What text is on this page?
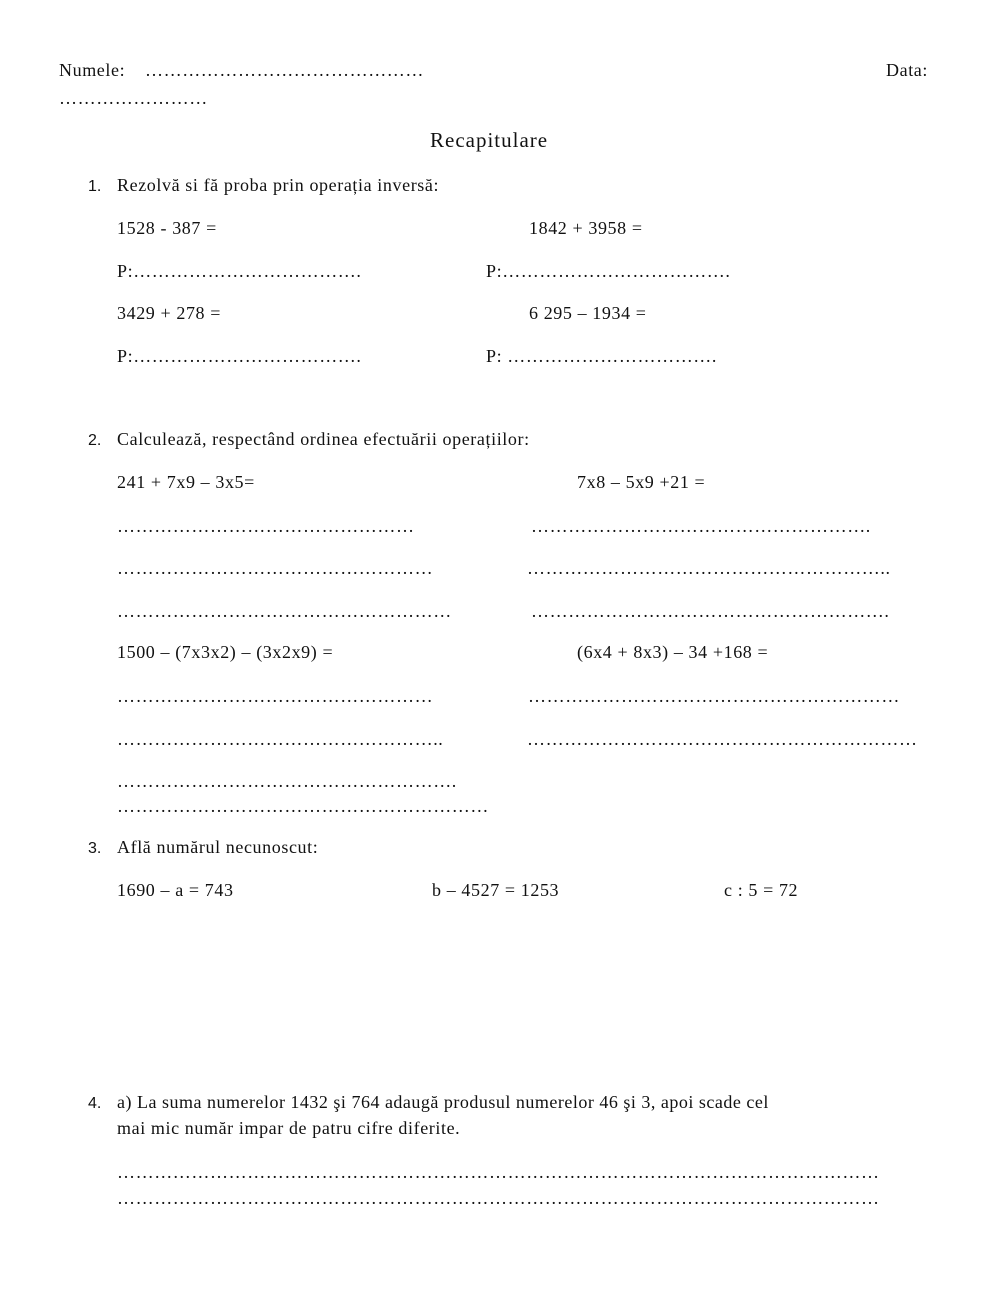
Numele: ………………………………………	Data:
……………………
Recapitulare
1. Rezolvă si fă proba prin operația inversă:
1528 - 387 =	1842 + 3958 =
P:……………………………….	P:……………………………….
3429 + 278 =	6 295 – 1934 =
P:……………………………….	P: …………………………….
2. Calculează, respectând ordinea efectuării operațiilor:
241 + 7x9 – 3x5=	7x8 – 5x9 +21 =
…………………………………………	……………………………………………….
……………………………………………	…………………………………………………..
………………………………………………	………………………………………………….
1500 – (7x3x2) – (3x2x9) =	(6x4 + 8x3) – 34 +168 =
……………………………………………	……………………………………………………
……………………………………………..	………………………………………………………
……………………………………………….
……………………………………………………
3. Află numărul necunoscut:
1690 – a = 743	b – 4527 = 1253	c : 5 = 72
4. a) La suma numerelor 1432 şi 764 adaugă produsul numerelor 46 şi 3, apoi scade cel
mai mic număr impar de patru cifre diferite.
……………………………………………………………………………………………………………
……………………………………………………………………………………………………………
